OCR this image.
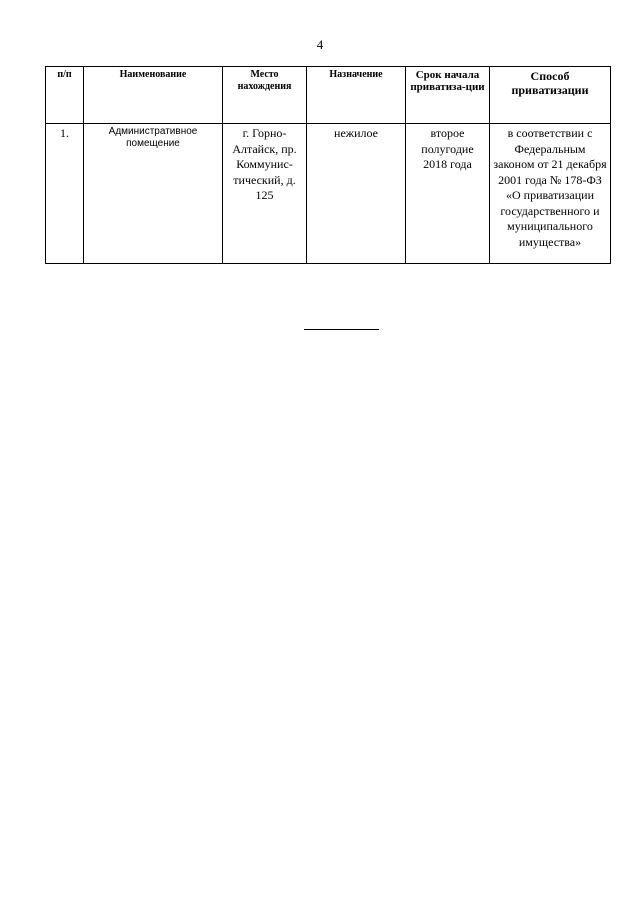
4
п/п	Наименование	Место нахождения	Назначение	Срок начала приватиза-ции	Способ приватизации
1.	Административное помещение	г. Горно-Алтайск, пр. Коммунис-тический, д. 125	нежилое	второе полугодие 2018 года	в соответствии с Федеральным законом от 21 декабря 2001 года № 178-ФЗ «О приватизации государственного и муниципального имущества»
